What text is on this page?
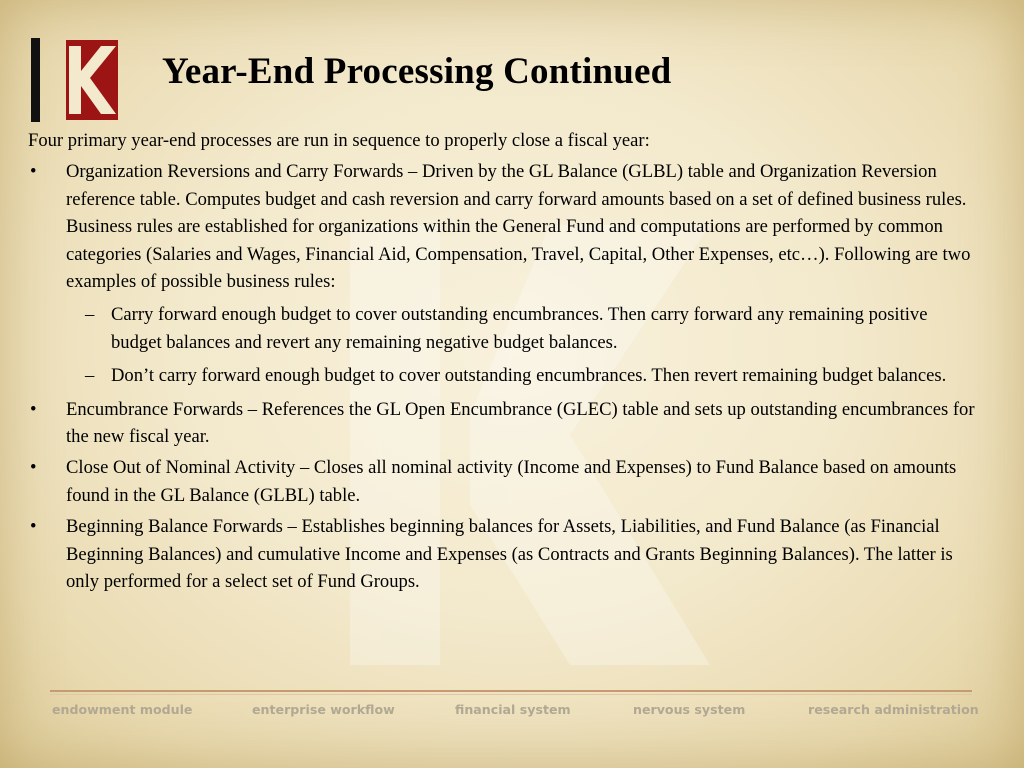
Year-End Processing Continued

Four primary year-end processes are run in sequence to properly close a fiscal year:

• Organization Reversions and Carry Forwards – Driven by the GL Balance (GLBL) table and Organization Reversion reference table. Computes budget and cash reversion and carry forward amounts based on a set of defined business rules. Business rules are established for organizations within the General Fund and computations are performed by common categories (Salaries and Wages, Financial Aid, Compensation, Travel, Capital, Other Expenses, etc…). Following are two examples of possible business rules:
– Carry forward enough budget to cover outstanding encumbrances. Then carry forward any remaining positive budget balances and revert any remaining negative budget balances.
– Don’t carry forward enough budget to cover outstanding encumbrances. Then revert remaining budget balances.
• Encumbrance Forwards – References the GL Open Encumbrance (GLEC) table and sets up outstanding encumbrances for the new fiscal year.
• Close Out of Nominal Activity – Closes all nominal activity (Income and Expenses) to Fund Balance based on amounts found in the GL Balance (GLBL) table.
• Beginning Balance Forwards – Establishes beginning balances for Assets, Liabilities, and Fund Balance (as Financial Beginning Balances) and cumulative Income and Expenses (as Contracts and Grants Beginning Balances). The latter is only performed for a select set of Fund Groups.
endowment module	enterprise workflow	financial system	nervous system	research administration
